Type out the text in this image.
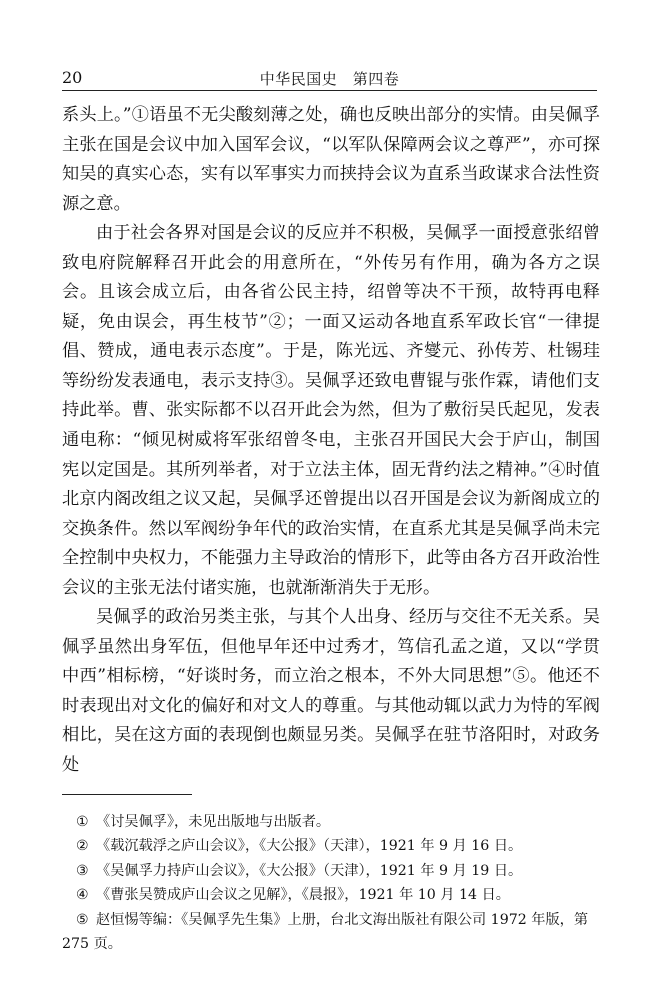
20	中华民国史　第四卷

系头上。”①语虽不无尖酸刻薄之处，确也反映出部分的实情。由吴佩孚主张在国是会议中加入国军会议，“以军队保障两会议之尊严”，亦可探知吴的真实心态，实有以军事实力而挟持会议为直系当政谋求合法性资源之意。

由于社会各界对国是会议的反应并不积极，吴佩孚一面授意张绍曾致电府院解释召开此会的用意所在，“外传另有作用，确为各方之误会。且该会成立后，由各省公民主持，绍曾等决不干预，故特再电释疑，免由误会，再生枝节”②；一面又运动各地直系军政长官“一律提倡、赞成，通电表示态度”。于是，陈光远、齐燮元、孙传芳、杜锡珪等纷纷发表通电，表示支持③。吴佩孚还致电曹锟与张作霖，请他们支持此举。曹、张实际都不以召开此会为然，但为了敷衍吴氏起见，发表通电称：“倾见树威将军张绍曾冬电，主张召开国民大会于庐山，制国宪以定国是。其所列举者，对于立法主体，固无背约法之精神。”④时值北京内阁改组之议又起，吴佩孚还曾提出以召开国是会议为新阁成立的交换条件。然以军阀纷争年代的政治实情，在直系尤其是吴佩孚尚未完全控制中央权力，不能强力主导政治的情形下，此等由各方召开政治性会议的主张无法付诸实施，也就渐渐消失于无形。

吴佩孚的政治另类主张，与其个人出身、经历与交往不无关系。吴佩孚虽然出身军伍，但他早年还中过秀才，笃信孔孟之道，又以“学贯中西”相标榜，“好谈时务，而立治之根本，不外大同思想”⑤。他还不时表现出对文化的偏好和对文人的尊重。与其他动辄以武力为恃的军阀相比，吴在这方面的表现倒也颇显另类。吴佩孚在驻节洛阳时，对政务处

① 《讨吴佩孚》，未见出版地与出版者。

② 《载沉载浮之庐山会议》，《大公报》（天津），1921 年 9 月 16 日。

③ 《吴佩孚力持庐山会议》，《大公报》（天津），1921 年 9 月 19 日。

④ 《曹张吴赞成庐山会议之见解》，《晨报》，1921 年 10 月 14 日。

⑤ 赵恒惕等编：《吴佩孚先生集》上册，台北文海出版社有限公司 1972 年版，第 275 页。
